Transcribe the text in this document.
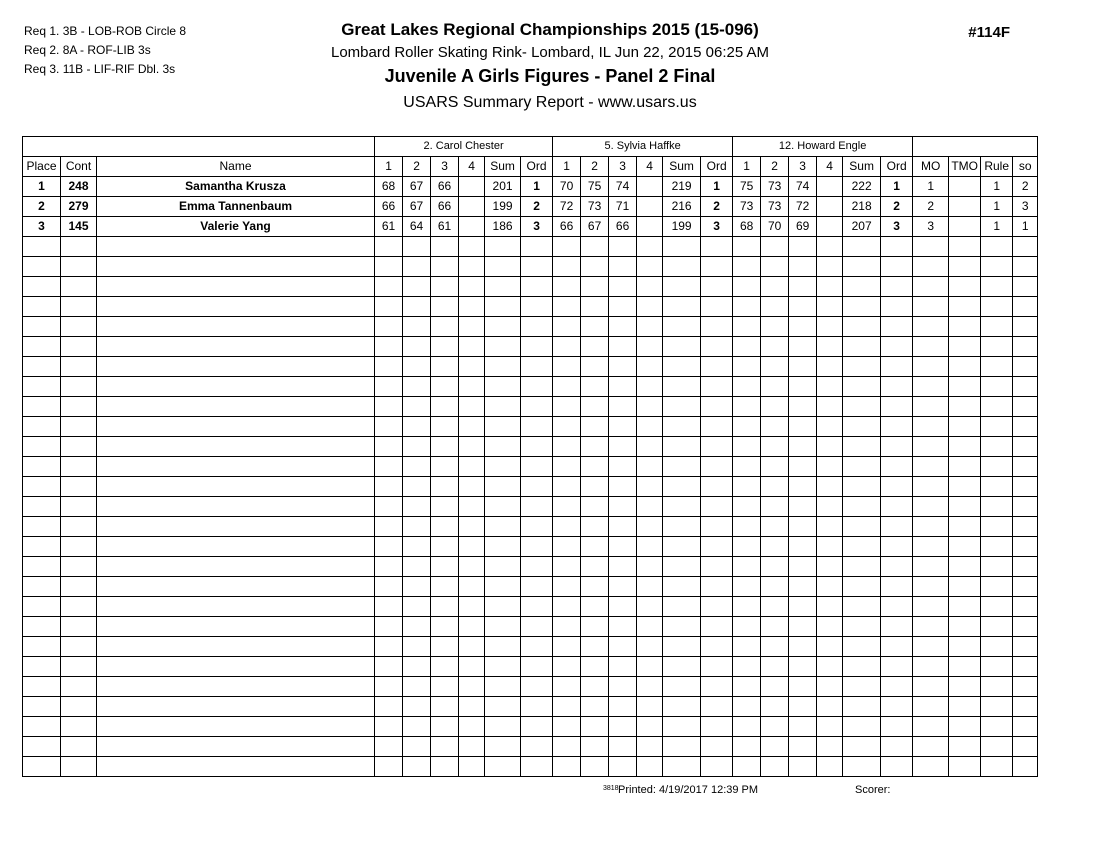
Req 1. 3B - LOB-ROB Circle 8
Req 2. 8A - ROF-LIB 3s
Req 3. 11B - LIF-RIF Dbl. 3s
Great Lakes Regional Championships 2015 (15-096)
Lombard Roller Skating Rink- Lombard, IL Jun 22, 2015 06:25 AM
Juvenile A Girls Figures - Panel 2 Final
USARS Summary Report - www.usars.us
#114F
			2. Carol Chester						5. Sylvia Haffke						12. Howard Engle									
Place	Cont	Name	1	2	3	4	Sum	Ord	1	2	3	4	Sum	Ord	1	2	3	4	Sum	Ord	MO	TMO	Rule	so
1	248	Samantha Krusza	68	67	66		201	1	70	75	74		219	1	75	73	74		222	1	1		1	2
2	279	Emma Tannenbaum	66	67	66		199	2	72	73	71		216	2	73	73	72		218	2	2		1	3
3	145	Valerie Yang	61	64	61		186	3	66	67	66		199	3	68	70	69		207	3	3		1	1

3818 Printed: 4/19/2017 12:39 PM	Scorer:
